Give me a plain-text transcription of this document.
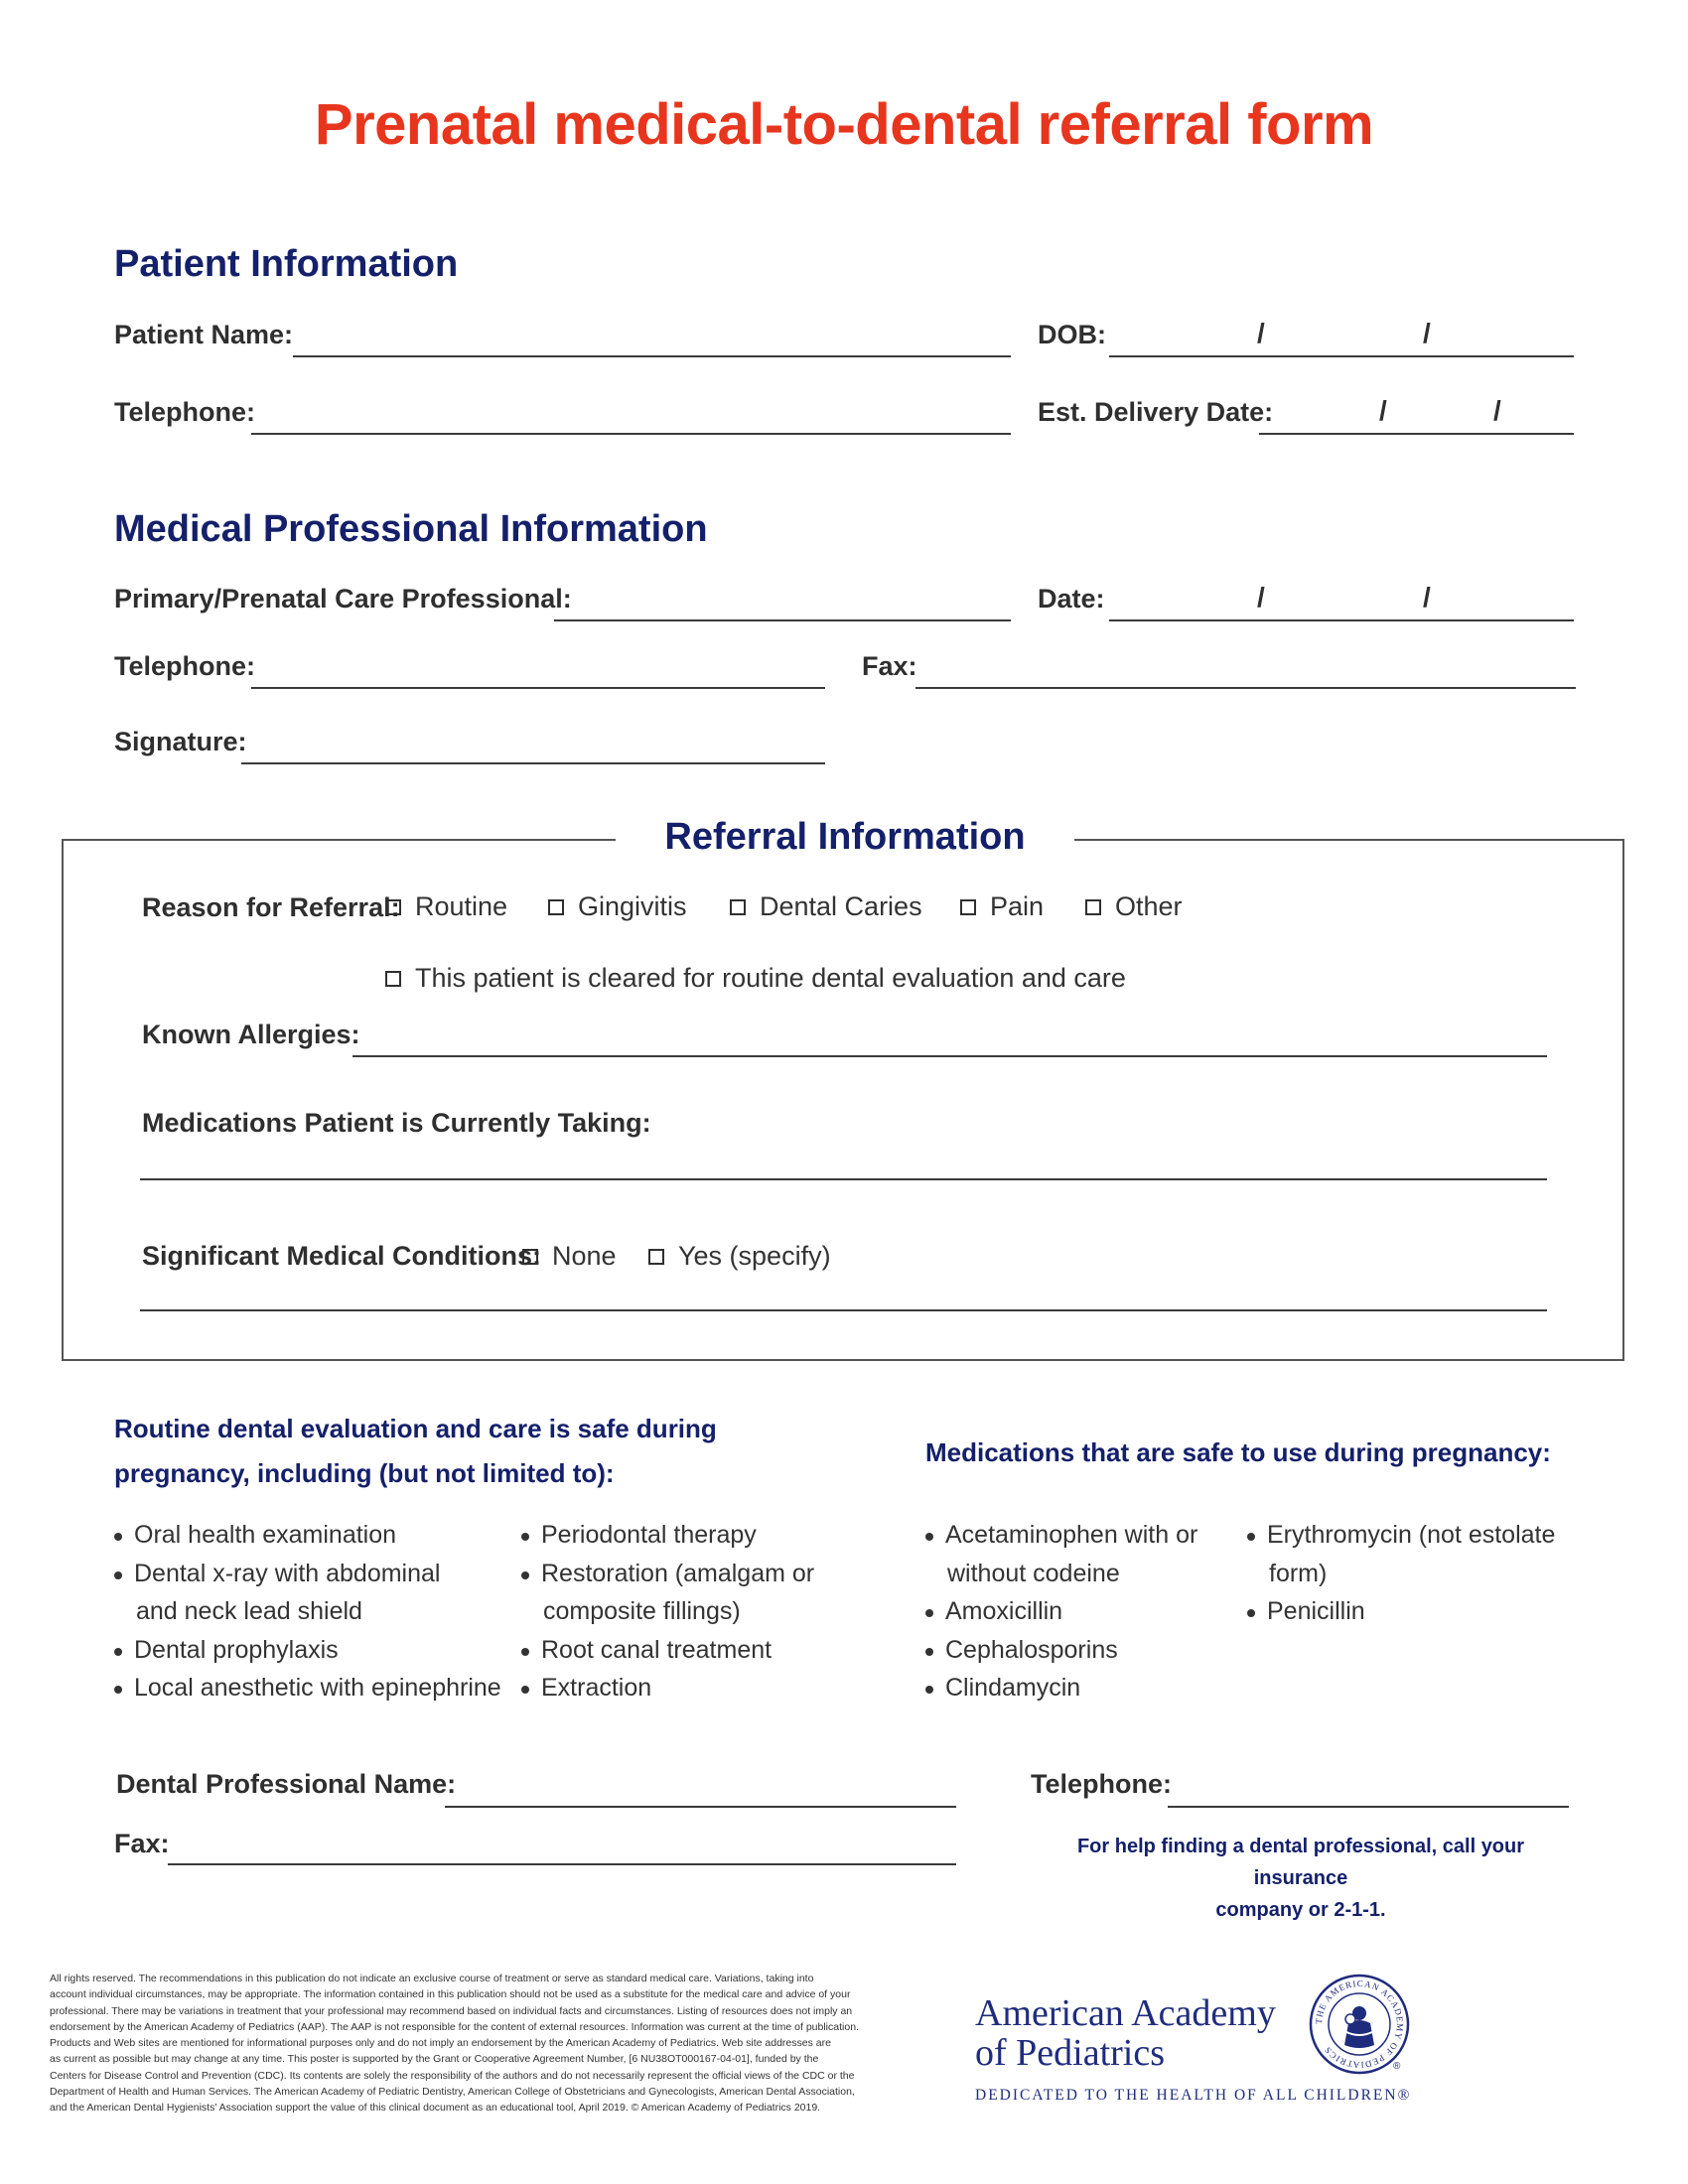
Prenatal medical-to-dental referral form
Patient Information
Patient Name:	DOB:	/	/
Telephone:	Est. Delivery Date:	/	/
Medical Professional Information
Primary/Prenatal Care Professional:	Date:	/	/
Telephone:	Fax:
Signature:
Referral Information
Reason for Referral: Routine	Gingivitis	Dental Caries	Pain	Other
This patient is cleared for routine dental evaluation and care
Known Allergies:
Medications Patient is Currently Taking:
Significant Medical Conditions: None Yes (specify)
Routine dental evaluation and care is safe during
pregnancy, including (but not limited to):
Oral health examination
Dental x-ray with abdominal
and neck lead shield
Dental prophylaxis
Local anesthetic with epinephrine
Periodontal therapy
Restoration (amalgam or
composite fillings)
Root canal treatment
Extraction
Medications that are safe to use during pregnancy:
Acetaminophen with or
without codeine
Amoxicillin
Cephalosporins
Clindamycin
Erythromycin (not estolate
form)
Penicillin
Dental Professional Name:	Telephone:
Fax:	For help finding a dental professional, call your insurance
company or 2-1-1.
All rights reserved. The recommendations in this publication do not indicate an exclusive course of treatment or serve as standard medical care. Variations, taking into
account individual circumstances, may be appropriate. The information contained in this publication should not be used as a substitute for the medical care and advice of your
professional. There may be variations in treatment that your professional may recommend based on individual facts and circumstances. Listing of resources does not imply an
endorsement by the American Academy of Pediatrics (AAP). The AAP is not responsible for the content of external resources. Information was current at the time of publication.
Products and Web sites are mentioned for informational purposes only and do not imply an endorsement by the American Academy of Pediatrics. Web site addresses are
as current as possible but may change at any time. This poster is supported by the Grant or Cooperative Agreement Number, [6 NU38OT000167-04-01], funded by the
Centers for Disease Control and Prevention (CDC). Its contents are solely the responsibility of the authors and do not necessarily represent the official views of the CDC or the
Department of Health and Human Services. The American Academy of Pediatric Dentistry, American College of Obstetricians and Gynecologists, American Dental Association,
and the American Dental Hygienists' Association support the value of this clinical document as an educational tool, April 2019. © American Academy of Pediatrics 2019.
American Academy
of Pediatrics
DEDICATED TO THE HEALTH OF ALL CHILDREN®
THE AMERICAN ACADEMY OF PEDIATRICS
®
